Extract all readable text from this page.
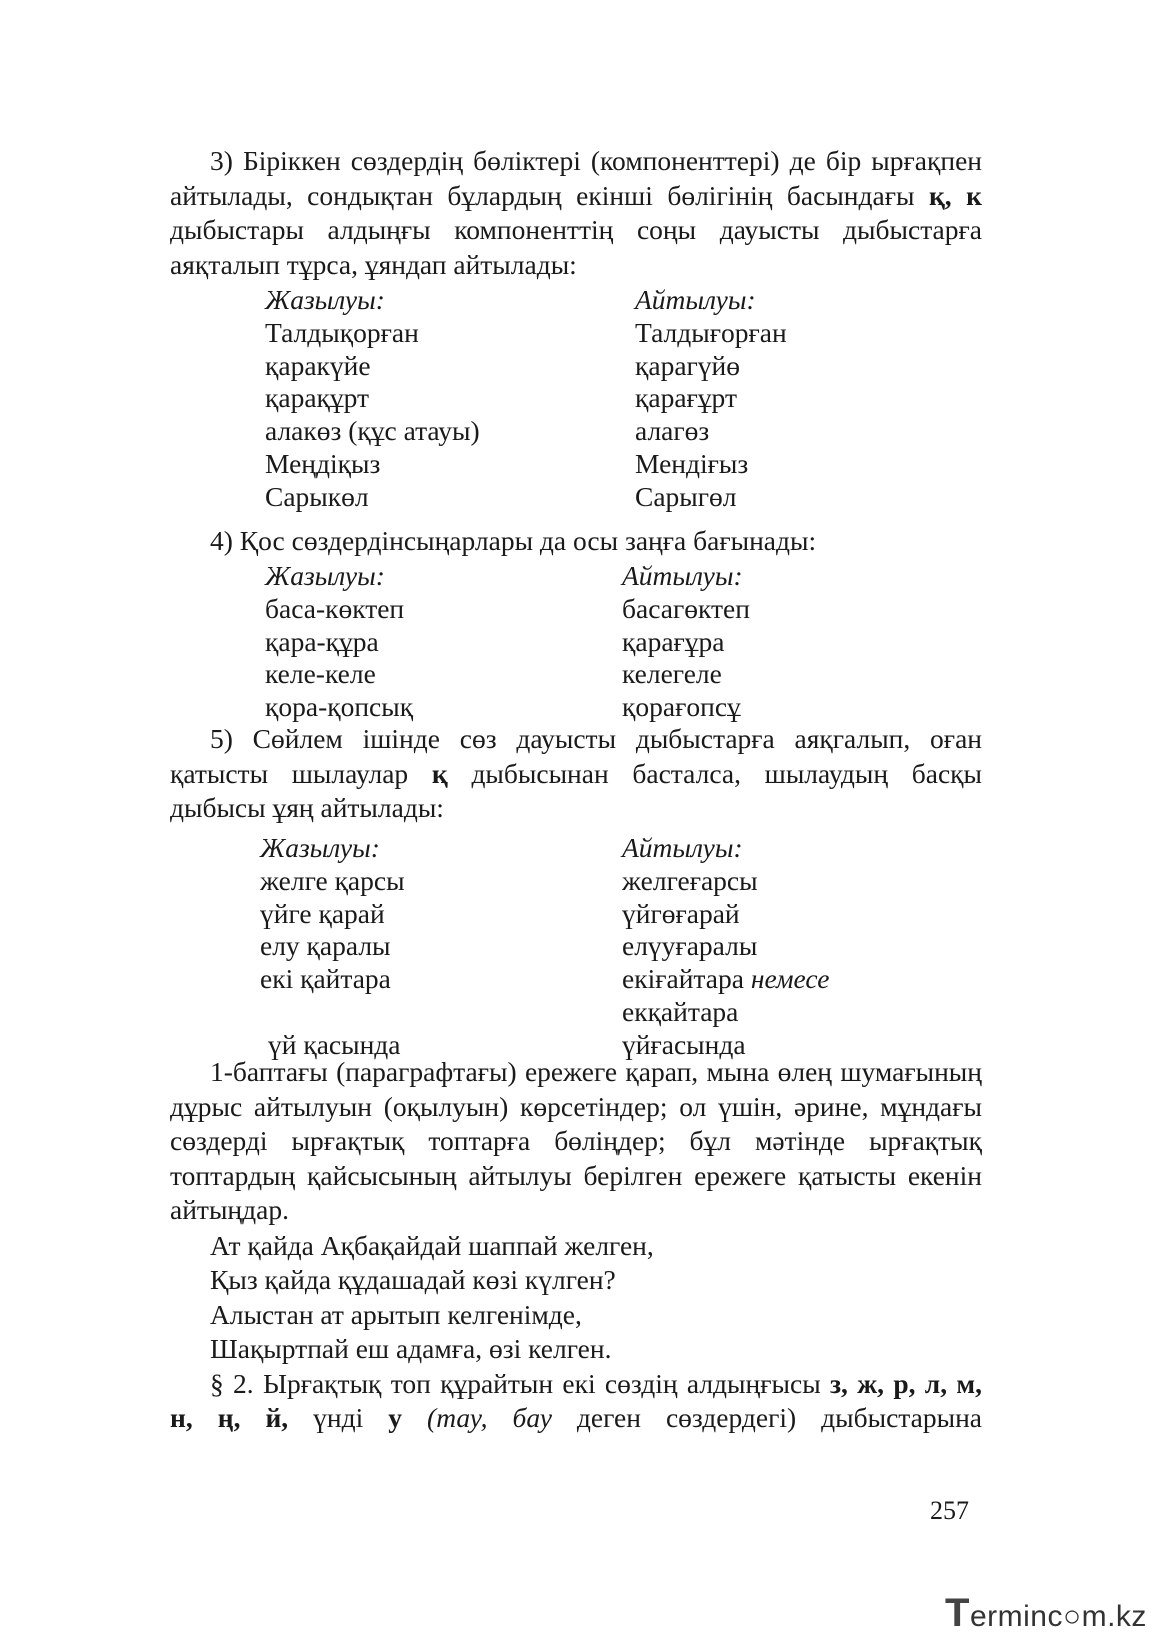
3) Біріккен сөздердің бөліктері (компоненттері) де бір ырғақпен айтылады, сондықтан бұлардың екінші бөлігінің басындағы қ, к дыбыстары алдыңғы компоненттің соңы дауысты дыбыстарға аяқталып тұрса, ұяндап айтылады:

Жазылуы:	Айтылуы:
Талдықорған	Талдығорған
қаракүйе	қарагүйө
қарақұрт	қарағұрт
алакөз (құс атауы)	алагөз
Меңдіқыз	Мендіғыз
Сарыкөл	Сарыгөл

4) Қос сөздердінсыңарлары да осы заңға бағынады:

Жазылуы:	Айтылуы:
баса-көктеп	басагөктеп
қара-құра	қарағұра
келе-келе	келегеле
қора-қопсық	қорағопсұ

5) Сөйлем ішінде сөз дауысты дыбыстарға аяқгалып, оған қатысты шылаулар қ дыбысынан басталса, шылаудың басқы дыбысы ұяң айтылады:

Жазылуы:	Айтылуы:
желге қарсы	желгеғарсы
үйге қарай	үйгөғарай
елу қаралы	елүуғаралы
екі қайтара	екіғайтара немесе
	екқайтара
үй қасында	үйғасында

1-баптағы (параграфтағы) ережеге қарап, мына өлең шумағының дұрыс айтылуын (оқылуын) көрсетіндер; ол үшін, әрине, мұндағы сөздерді ырғақтық топтарға бөліңдер; бұл мәтінде ырғақтық топтардың қайсысының айтылуы берілген ережеге қатысты екенін айтыңдар.

Ат қайда Ақбақайдай шаппай желген,

Қыз қайда құдашадай көзі күлген?

Алыстан ат арытып келгенімде,

Шақыртпай еш адамға, өзі келген.

§ 2. Ырғақтық топ құрайтын екі сөздің алдыңғысы з, ж, р, л, м, н, ң, й, үнді у (тау, бау деген сөздердегі) дыбыстарына

257
Terminc○m.kz
